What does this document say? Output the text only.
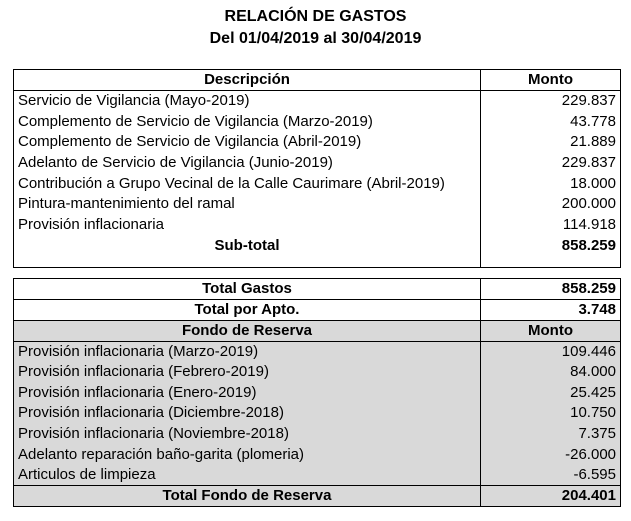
RELACIÓN DE GASTOS
Del 01/04/2019 al 30/04/2019
Descripción	Monto
Servicio de Vigilancia (Mayo-2019)	229.837
Complemento de Servicio de Vigilancia (Marzo-2019)	43.778
Complemento de Servicio de Vigilancia (Abril-2019)	21.889
Adelanto de Servicio de Vigilancia (Junio-2019)	229.837
Contribución a Grupo Vecinal de la Calle Caurimare (Abril-2019)	18.000
Pintura-mantenimiento del ramal	200.000
Provisión inflacionaria	114.918
Sub-total	858.259

Total Gastos	858.259
Total por Apto.	3.748
Fondo de Reserva	Monto
Provisión inflacionaria (Marzo-2019)	109.446
Provisión inflacionaria (Febrero-2019)	84.000
Provisión inflacionaria (Enero-2019)	25.425
Provisión inflacionaria (Diciembre-2018)	10.750
Provisión inflacionaria (Noviembre-2018)	7.375
Adelanto reparación baño-garita (plomeria)	-26.000
Articulos de limpieza	-6.595
Total Fondo de Reserva	204.401
